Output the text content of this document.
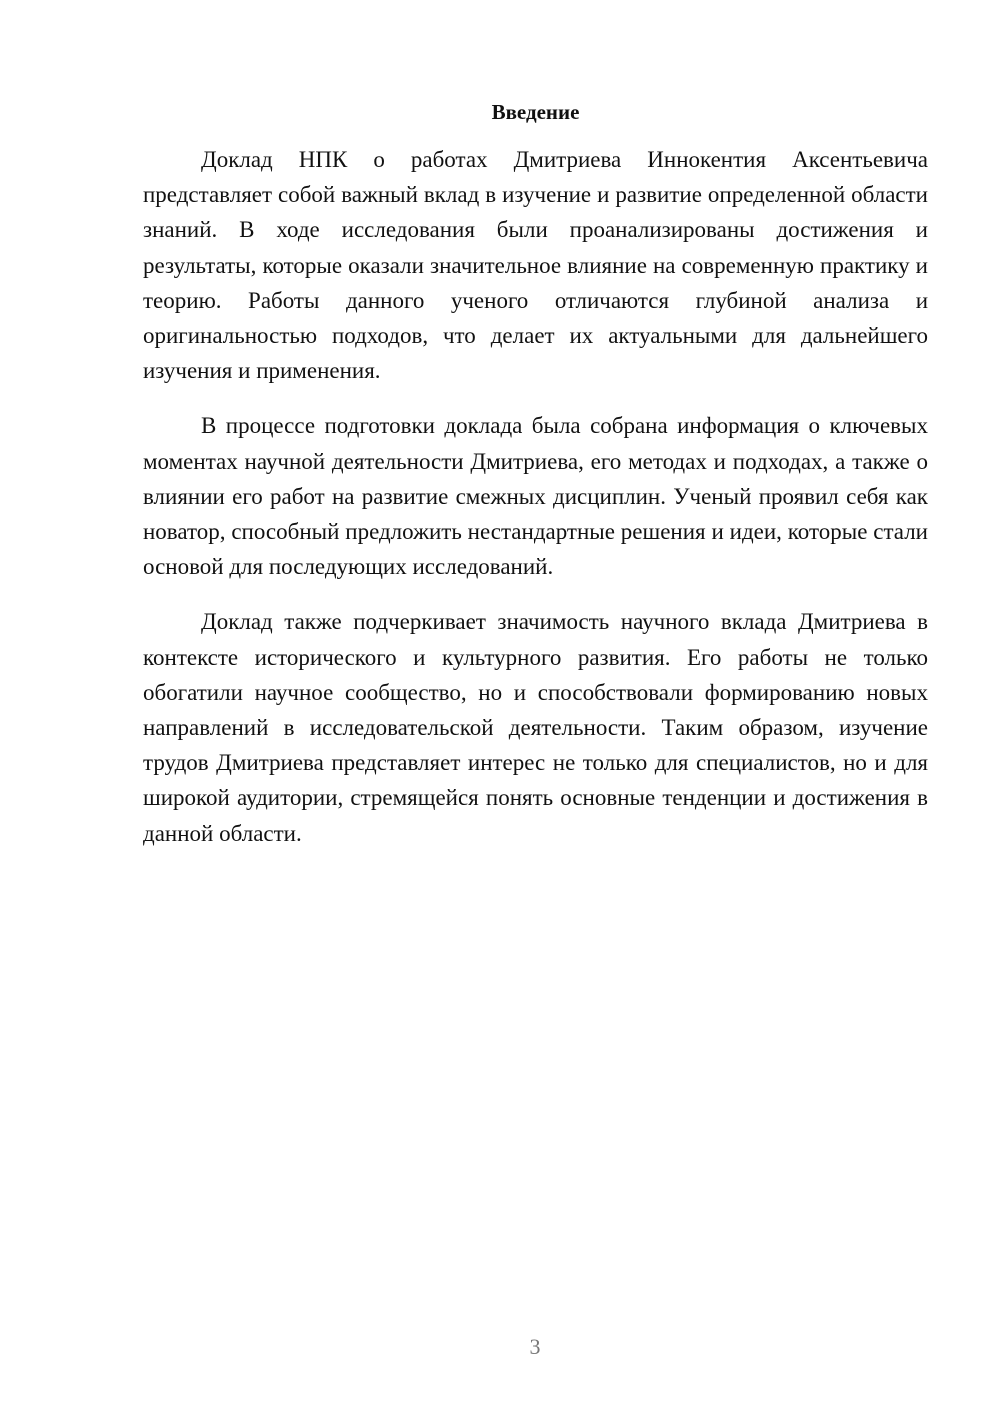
Введение

Доклад НПК о работах Дмитриева Иннокентия Аксентьевича представляет собой важный вклад в изучение и развитие определенной области знаний. В ходе исследования были проанализированы достижения и результаты, которые оказали значительное влияние на современную практику и теорию. Работы данного ученого отличаются глубиной анализа и оригинальностью подходов, что делает их актуальными для дальнейшего изучения и применения.

В процессе подготовки доклада была собрана информация о ключевых моментах научной деятельности Дмитриева, его методах и подходах, а также о влиянии его работ на развитие смежных дисциплин. Ученый проявил себя как новатор, способный предложить нестандартные решения и идеи, которые стали основой для последующих исследований.

Доклад также подчеркивает значимость научного вклада Дмитриева в контексте исторического и культурного развития. Его работы не только обогатили научное сообщество, но и способствовали формированию новых направлений в исследовательской деятельности. Таким образом, изучение трудов Дмитриева представляет интерес не только для специалистов, но и для широкой аудитории, стремящейся понять основные тенденции и достижения в данной области.

3
